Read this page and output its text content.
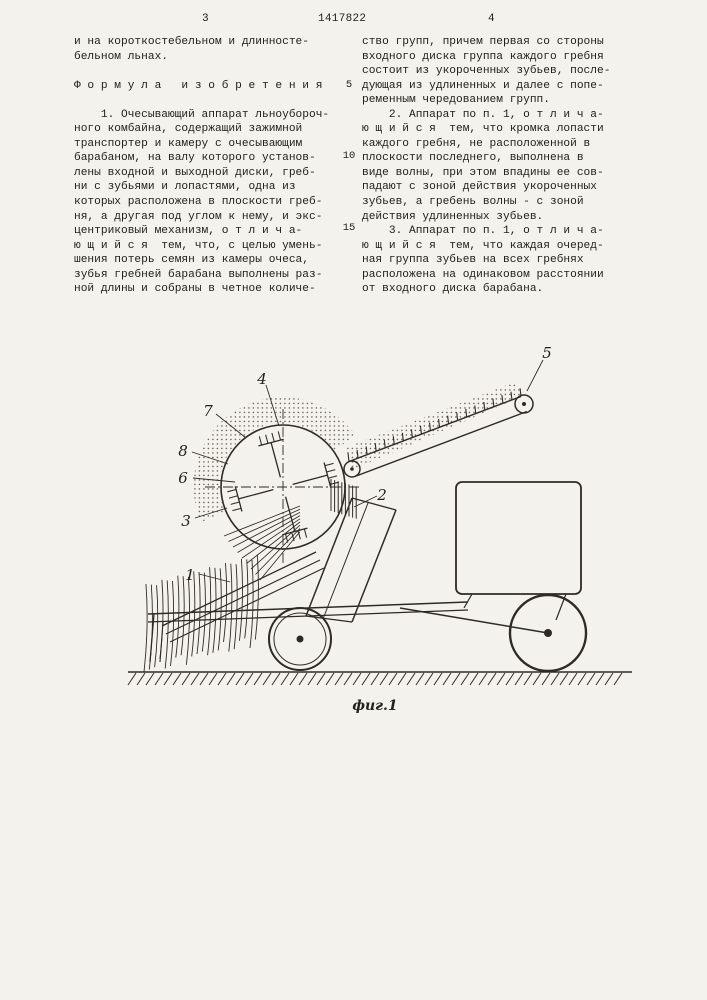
3	1417822	4
и на короткостебельном и длинносте-
бельном льнах.

Ф о р м у л а   и з о б р е т е н и я

1. Очесывающий аппарат льноубороч-
ного комбайна, содержащий зажимной
транспортер и камеру с очесывающим
барабаном, на валу которого установ-
лены входной и выходной диски, греб-
ни с зубьями и лопастями, одна из
которых расположена в плоскости греб-
ня, а другая под углом к нему, и экс-
центриковый механизм, о т л и ч а-
ю щ и й с я  тем, что, с целью умень-
шения потерь семян из камеры очеса,
зубья гребней барабана выполнены раз-
ной длины и собраны в четное количе-
ство групп, причем первая со стороны
входного диска группа каждого гребня
состоит из укороченных зубьев, после-
дующая из удлиненных и далее с попе-
ременным чередованием групп.
2. Аппарат по п. 1, о т л и ч а-
ю щ и й с я  тем, что кромка лопасти
каждого гребня, не расположенной в
плоскости последнего, выполнена в
виде волны, при этом впадины ее сов-
падают с зоной действия укороченных
зубьев, а гребень волны - с зоной
действия удлиненных зубьев.
3. Аппарат по п. 1, о т л и ч а-
ю щ и й с я  тем, что каждая очеред-
ная группа зубьев на всех гребнях
расположена на одинаковом расстоянии
от входного диска барабана.
5
10
15
1
2
3
4
5
6
7
8
фиг.1
